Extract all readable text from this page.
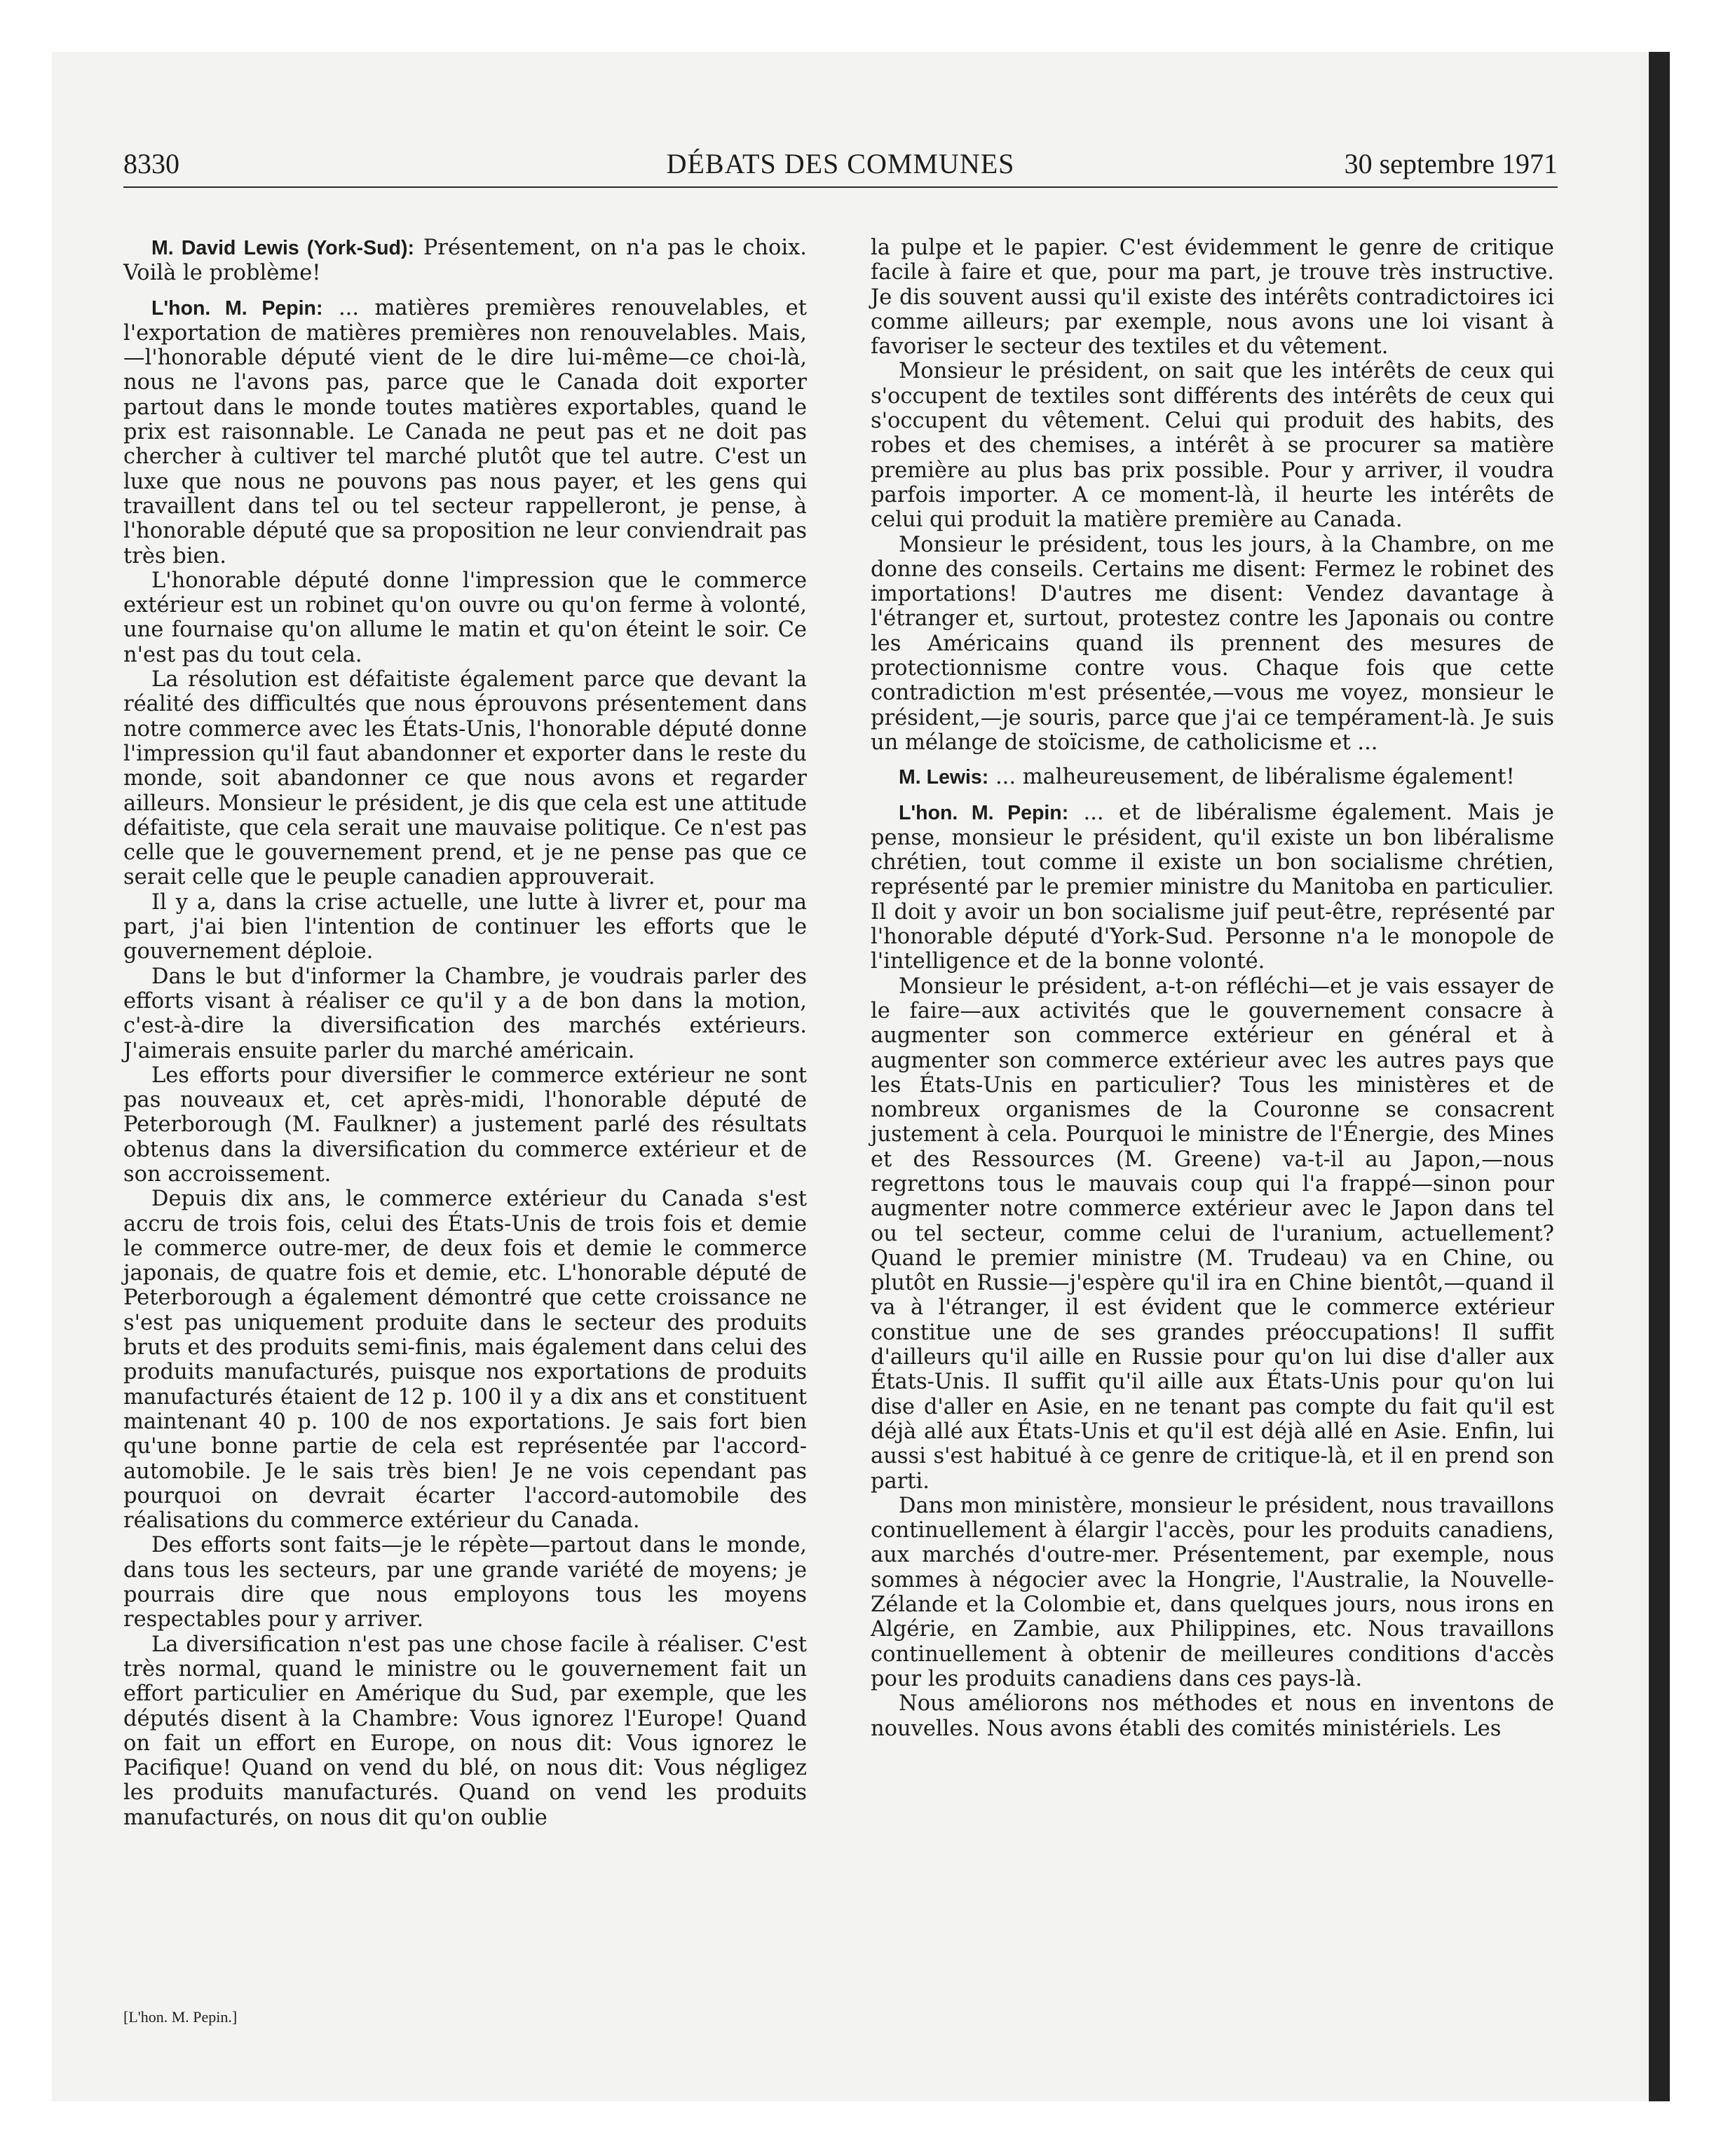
8330	DÉBATS DES COMMUNES	30 septembre 1971

M. David Lewis (York-Sud): Présentement, on n'a pas le choix. Voilà le problème!

L'hon. M. Pepin: ... matières premières renouvelables, et l'exportation de matières premières non renouvelables. Mais,—l'honorable député vient de le dire lui-même—ce choi-là, nous ne l'avons pas, parce que le Canada doit exporter partout dans le monde toutes matières exportables, quand le prix est raisonnable. Le Canada ne peut pas et ne doit pas chercher à cultiver tel marché plutôt que tel autre. C'est un luxe que nous ne pouvons pas nous payer, et les gens qui travaillent dans tel ou tel secteur rappelleront, je pense, à l'honorable député que sa proposition ne leur conviendrait pas très bien.

L'honorable député donne l'impression que le commerce extérieur est un robinet qu'on ouvre ou qu'on ferme à volonté, une fournaise qu'on allume le matin et qu'on éteint le soir. Ce n'est pas du tout cela.

La résolution est défaitiste également parce que devant la réalité des difficultés que nous éprouvons présentement dans notre commerce avec les États-Unis, l'honorable député donne l'impression qu'il faut abandonner et exporter dans le reste du monde, soit abandonner ce que nous avons et regarder ailleurs. Monsieur le président, je dis que cela est une attitude défaitiste, que cela serait une mauvaise politique. Ce n'est pas celle que le gouvernement prend, et je ne pense pas que ce serait celle que le peuple canadien approuverait.

Il y a, dans la crise actuelle, une lutte à livrer et, pour ma part, j'ai bien l'intention de continuer les efforts que le gouvernement déploie.

Dans le but d'informer la Chambre, je voudrais parler des efforts visant à réaliser ce qu'il y a de bon dans la motion, c'est-à-dire la diversification des marchés extérieurs. J'aimerais ensuite parler du marché américain.

Les efforts pour diversifier le commerce extérieur ne sont pas nouveaux et, cet après-midi, l'honorable député de Peterborough (M. Faulkner) a justement parlé des résultats obtenus dans la diversification du commerce extérieur et de son accroissement.

Depuis dix ans, le commerce extérieur du Canada s'est accru de trois fois, celui des États-Unis de trois fois et demie le commerce outre-mer, de deux fois et demie le commerce japonais, de quatre fois et demie, etc. L'honorable député de Peterborough a également démontré que cette croissance ne s'est pas uniquement produite dans le secteur des produits bruts et des produits semi-finis, mais également dans celui des produits manufacturés, puisque nos exportations de produits manufacturés étaient de 12 p. 100 il y a dix ans et constituent maintenant 40 p. 100 de nos exportations. Je sais fort bien qu'une bonne partie de cela est représentée par l'accord-automobile. Je le sais très bien! Je ne vois cependant pas pourquoi on devrait écarter l'accord-automobile des réalisations du commerce extérieur du Canada.

Des efforts sont faits—je le répète—partout dans le monde, dans tous les secteurs, par une grande variété de moyens; je pourrais dire que nous employons tous les moyens respectables pour y arriver.

La diversification n'est pas une chose facile à réaliser. C'est très normal, quand le ministre ou le gouvernement fait un effort particulier en Amérique du Sud, par exemple, que les députés disent à la Chambre: Vous ignorez l'Europe! Quand on fait un effort en Europe, on nous dit: Vous ignorez le Pacifique! Quand on vend du blé, on nous dit: Vous négligez les produits manufacturés. Quand on vend les produits manufacturés, on nous dit qu'on oublie

la pulpe et le papier. C'est évidemment le genre de critique facile à faire et que, pour ma part, je trouve très instructive. Je dis souvent aussi qu'il existe des intérêts contradictoires ici comme ailleurs; par exemple, nous avons une loi visant à favoriser le secteur des textiles et du vêtement.

Monsieur le président, on sait que les intérêts de ceux qui s'occupent de textiles sont différents des intérêts de ceux qui s'occupent du vêtement. Celui qui produit des habits, des robes et des chemises, a intérêt à se procurer sa matière première au plus bas prix possible. Pour y arriver, il voudra parfois importer. A ce moment-là, il heurte les intérêts de celui qui produit la matière première au Canada.

Monsieur le président, tous les jours, à la Chambre, on me donne des conseils. Certains me disent: Fermez le robinet des importations! D'autres me disent: Vendez davantage à l'étranger et, surtout, protestez contre les Japonais ou contre les Américains quand ils prennent des mesures de protectionnisme contre vous. Chaque fois que cette contradiction m'est présentée,—vous me voyez, monsieur le président,—je souris, parce que j'ai ce tempérament-là. Je suis un mélange de stoïcisme, de catholicisme et ...

M. Lewis: ... malheureusement, de libéralisme également!

L'hon. M. Pepin: ... et de libéralisme également. Mais je pense, monsieur le président, qu'il existe un bon libéralisme chrétien, tout comme il existe un bon socialisme chrétien, représenté par le premier ministre du Manitoba en particulier. Il doit y avoir un bon socialisme juif peut-être, représenté par l'honorable député d'York-Sud. Personne n'a le monopole de l'intelligence et de la bonne volonté.

Monsieur le président, a-t-on réfléchi—et je vais essayer de le faire—aux activités que le gouvernement consacre à augmenter son commerce extérieur en général et à augmenter son commerce extérieur avec les autres pays que les États-Unis en particulier? Tous les ministères et de nombreux organismes de la Couronne se consacrent justement à cela. Pourquoi le ministre de l'Énergie, des Mines et des Ressources (M. Greene) va-t-il au Japon,—nous regrettons tous le mauvais coup qui l'a frappé—sinon pour augmenter notre commerce extérieur avec le Japon dans tel ou tel secteur, comme celui de l'uranium, actuellement? Quand le premier ministre (M. Trudeau) va en Chine, ou plutôt en Russie—j'espère qu'il ira en Chine bientôt,—quand il va à l'étranger, il est évident que le commerce extérieur constitue une de ses grandes préoccupations! Il suffit d'ailleurs qu'il aille en Russie pour qu'on lui dise d'aller aux États-Unis. Il suffit qu'il aille aux États-Unis pour qu'on lui dise d'aller en Asie, en ne tenant pas compte du fait qu'il est déjà allé aux États-Unis et qu'il est déjà allé en Asie. Enfin, lui aussi s'est habitué à ce genre de critique-là, et il en prend son parti.

Dans mon ministère, monsieur le président, nous travaillons continuellement à élargir l'accès, pour les produits canadiens, aux marchés d'outre-mer. Présentement, par exemple, nous sommes à négocier avec la Hongrie, l'Australie, la Nouvelle-Zélande et la Colombie et, dans quelques jours, nous irons en Algérie, en Zambie, aux Philippines, etc. Nous travaillons continuellement à obtenir de meilleures conditions d'accès pour les produits canadiens dans ces pays-là.

Nous améliorons nos méthodes et nous en inventons de nouvelles. Nous avons établi des comités ministériels. Les

[L'hon. M. Pepin.]
